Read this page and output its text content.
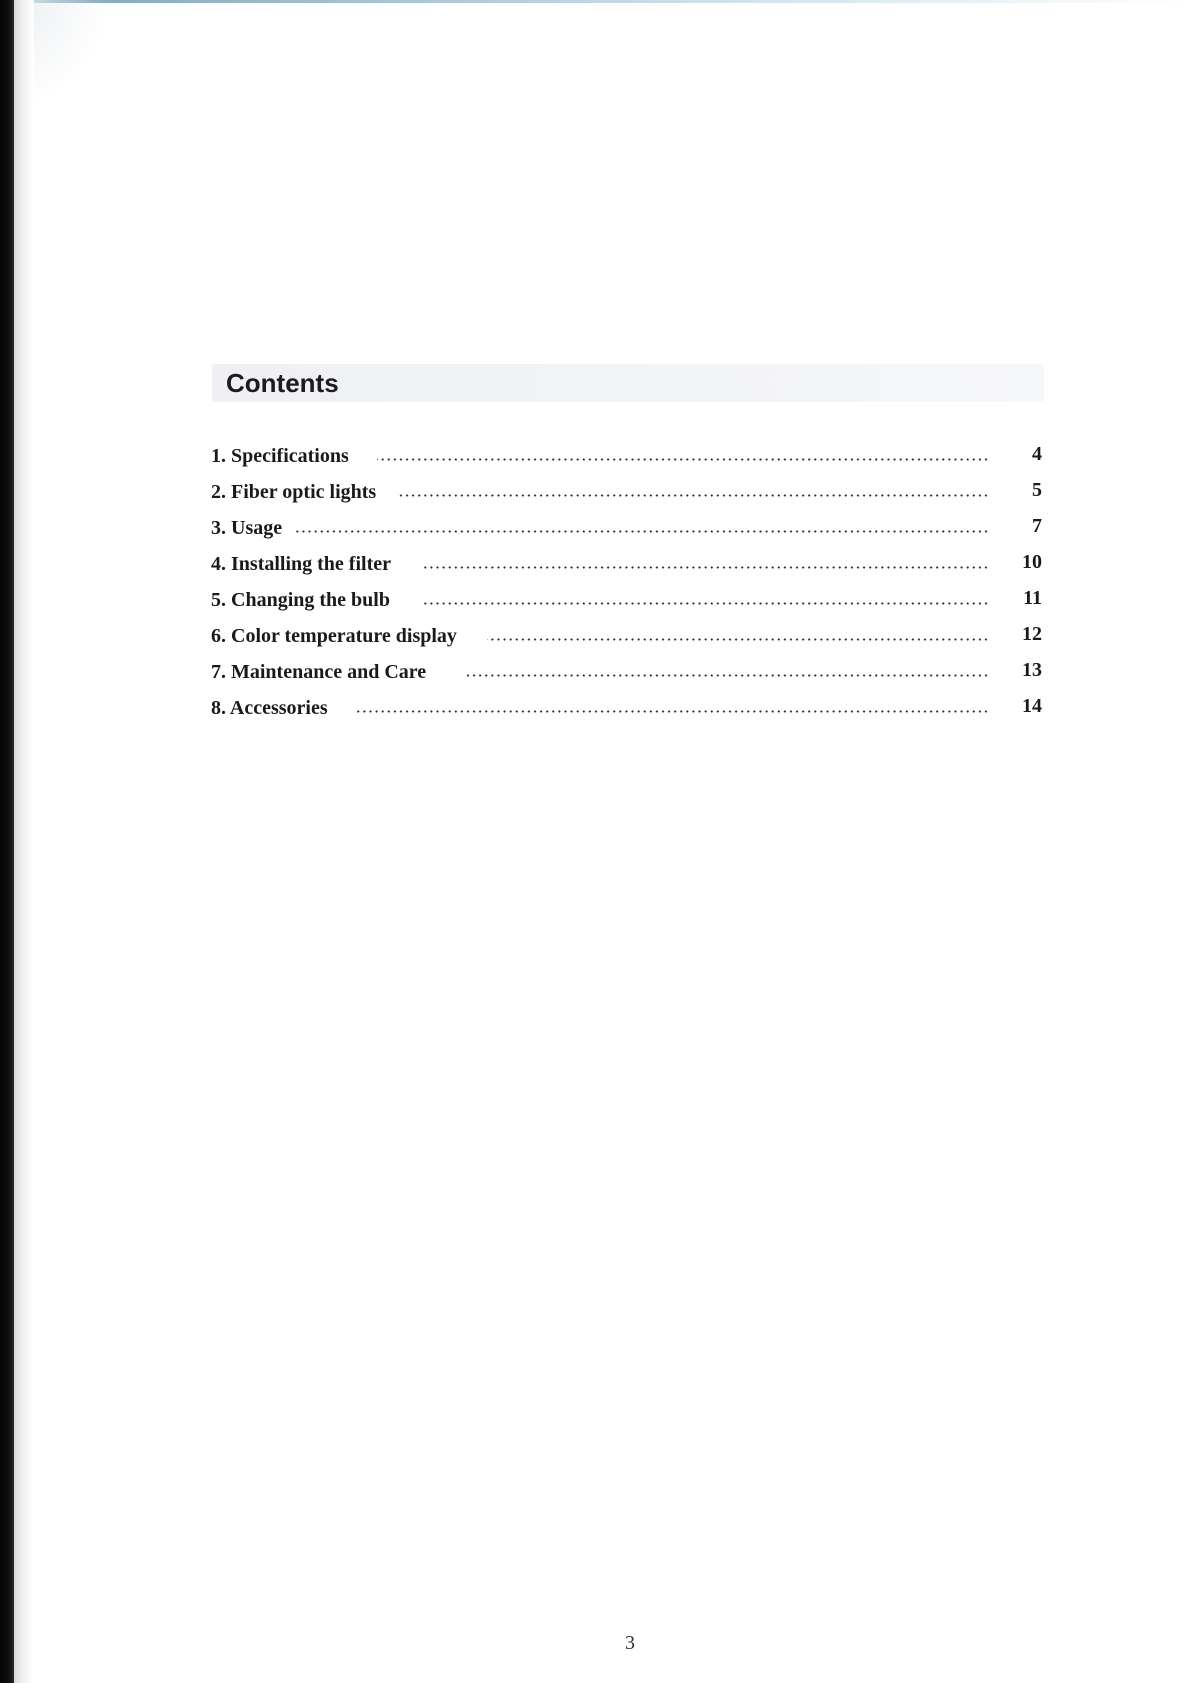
Contents
1. Specifications	4
2. Fiber optic lights	5
3. Usage	7
4. Installing the filter	10
5. Changing the bulb	11
6. Color temperature display	12
7. Maintenance and Care	13
8. Accessories	14
3
